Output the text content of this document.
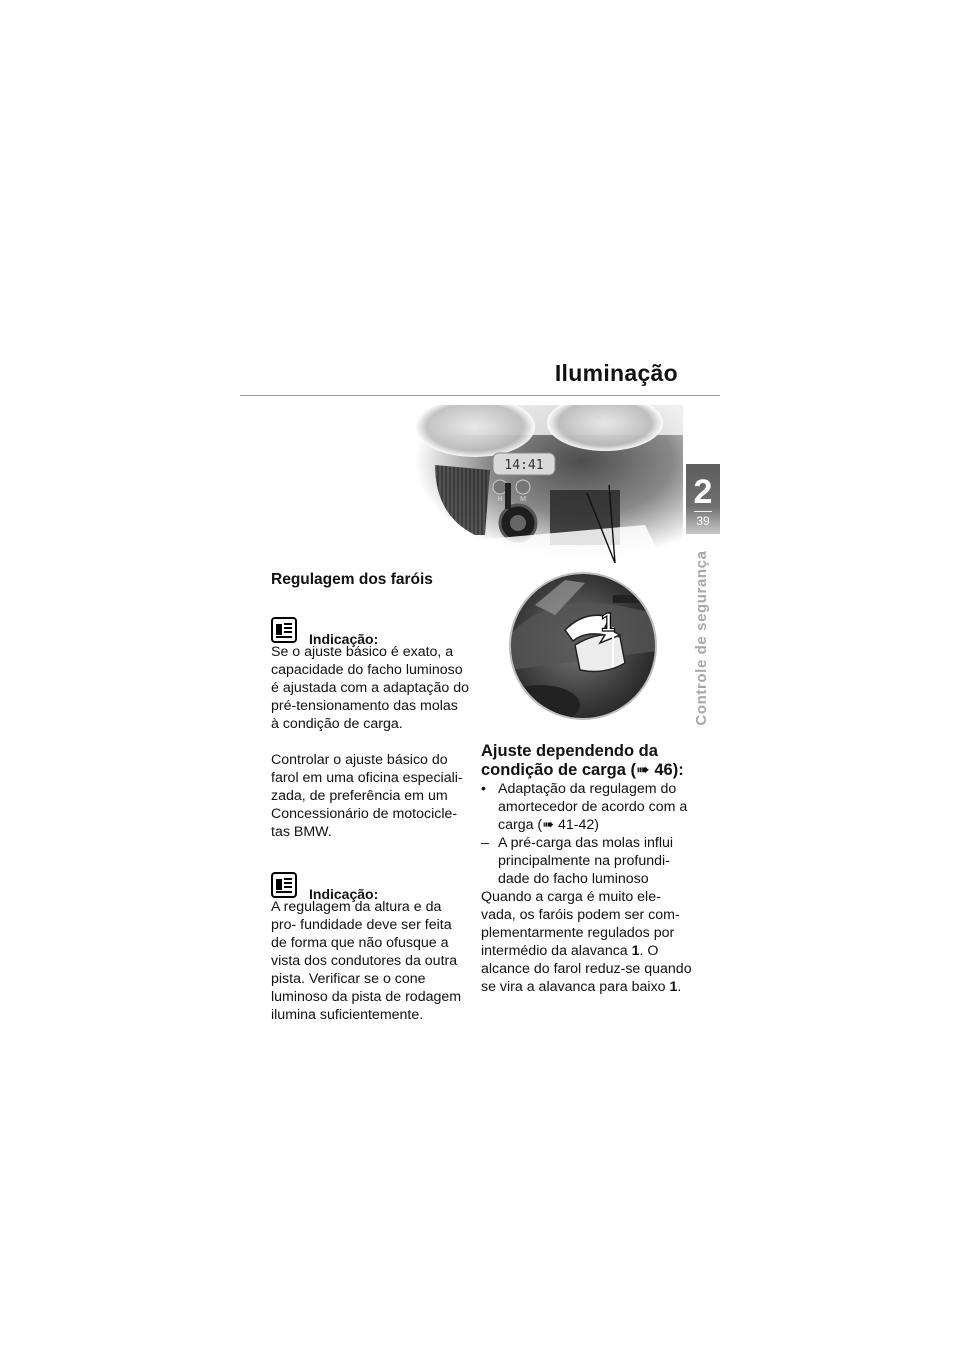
Iluminação
2
39
Controle de segurança
14:41
H	M
1
Regulagem dos faróis
Indicação:

Se o ajuste básico é exato, a capacidade do facho luminoso é ajustada com a adaptação do pré-tensionamento das molas à condição de carga.

Controlar o ajuste básico do farol em uma oficina especiali- zada, de preferência em um Concessionário de motocicle- tas BMW.

Indicação:

A regulagem da altura e da pro- fundidade deve ser feita de forma que não ofusque a vista dos condutores da outra pista. Verificar se o cone luminoso da pista de rodagem ilumina suficientemente.

Ajuste dependendo da condição de carga (➠ 46):
• Adaptação da regulagem do amortecedor de acordo com a carga (➠ 41-42)
– A pré-carga das molas influi principalmente na profundi- dade do facho luminoso

Quando a carga é muito ele- vada, os faróis podem ser com- plementarmente regulados por intermédio da alavanca 1. O alcance do farol reduz-se quando se vira a alavanca para baixo 1.
